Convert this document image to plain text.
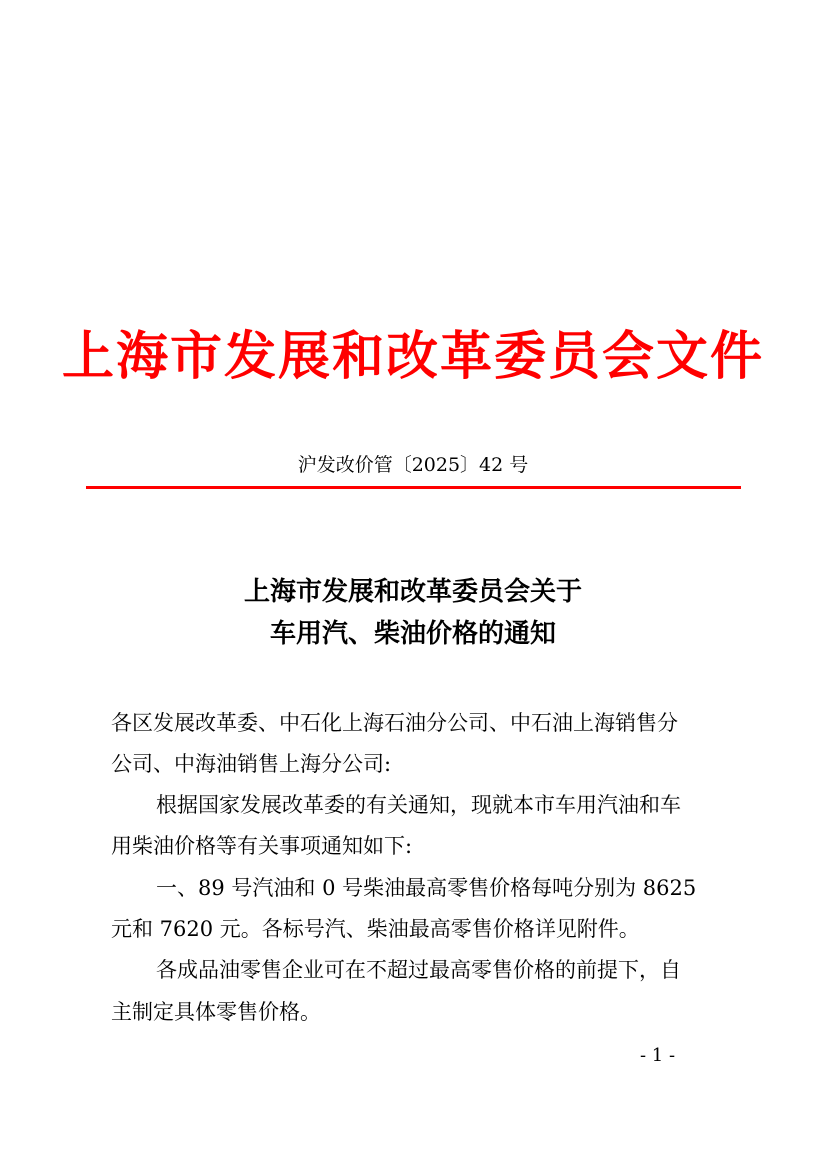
上海市发展和改革委员会文件
沪发改价管〔2025〕42 号
上海市发展和改革委员会关于
车用汽、柴油价格的通知
各区发展改革委、中石化上海石油分公司、中石油上海销售分
公司、中海油销售上海分公司:
根据国家发展改革委的有关通知，现就本市车用汽油和车
用柴油价格等有关事项通知如下:
一、89 号汽油和 0 号柴油最高零售价格每吨分别为 8625
元和 7620 元。各标号汽、柴油最高零售价格详见附件。
各成品油零售企业可在不超过最高零售价格的前提下，自
主制定具体零售价格。
- 1 -
